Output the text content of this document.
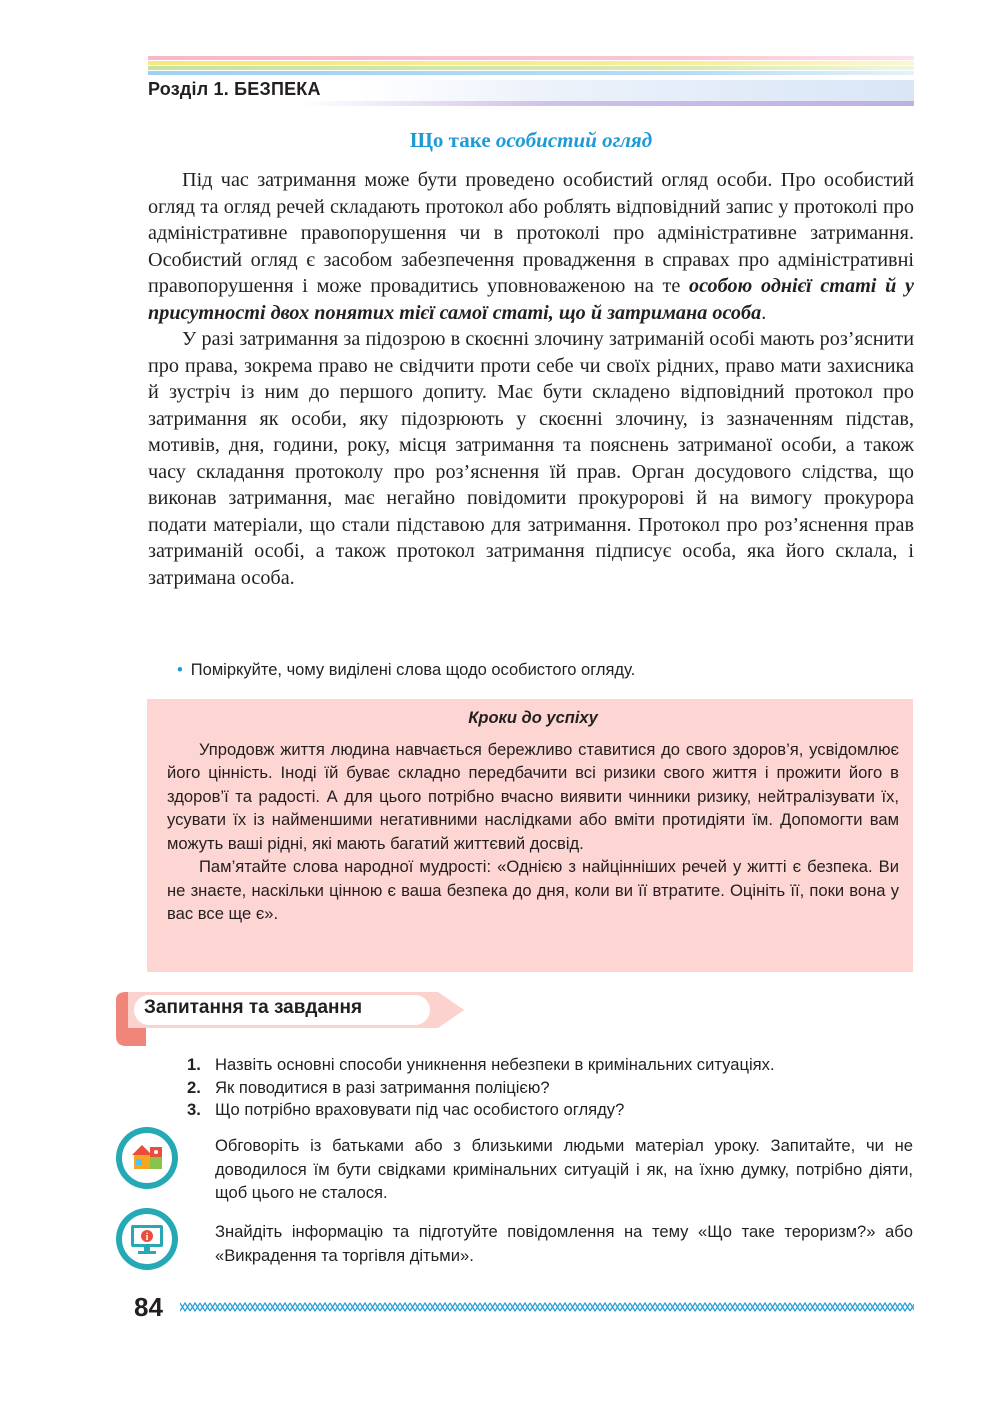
Розділ 1. БЕЗПЕКА
Що таке особистий огляд

Під час затримання може бути проведено особистий огляд особи. Про особистий огляд та огляд речей складають протокол або роблять відповідний запис у протоколі про адміністративне правопорушення чи в протоколі про адміністративне затримання. Особистий огляд є засобом забезпечення провадження в справах про адміністративні правопорушення і може провадитись уповноваженою на те особою однієї статі й у присутності двох понятих тієї самої статі, що й затримана особа.

У разі затримання за підозрою в скоєнні злочину затриманій особі мають роз’яснити про права, зокрема право не свідчити проти себе чи своїх рідних, право мати захисника й зустріч із ним до першого допиту. Має бути складено відповідний протокол про затримання як особи, яку підозрюють у скоєнні злочину, із зазначенням підстав, мотивів, дня, години, року, місця затримання та пояснень затриманої особи, а також часу складання протоколу про роз’яснення їй прав. Орган досудового слідства, що виконав затримання, має негайно повідомити прокуророві й на вимогу прокурора подати матеріали, що стали підставою для затримання. Протокол про роз’яснення прав затриманій особі, а також протокол затримання підписує особа, яка його склала, і затримана особа.

• Поміркуйте, чому виділені слова щодо особистого огляду.
Кроки до успіху

Упродовж життя людина навчається бережливо ставитися до свого здоров’я, усвідомлює його цінність. Іноді їй буває складно передбачити всі ризики свого життя і прожити його в здоров’ї та радості. А для цього потрібно вчасно виявити чинники ризику, нейтралізувати їх, усувати їх із найменшими негативними наслідками або вміти протидіяти їм. Допомогти вам можуть ваші рідні, які мають багатий життєвий досвід.

Пам’ятайте слова народної мудрості: «Однією з найцінніших речей у житті є безпека. Ви не знаєте, наскільки цінною є ваша безпека до дня, коли ви її втратите. Оцініть її, поки вона у вас все ще є».

Запитання та завдання
1. Назвіть основні способи уникнення небезпеки в кримінальних ситуаціях.
2. Як поводитися в разі затримання поліцією?
3. Що потрібно враховувати під час особистого огляду?
Обговоріть із батьками або з близькими людьми матеріал уроку. Запитайте, чи не доводилося їм бути свідками кримінальних ситуацій і як, на їхню думку, потрібно діяти, щоб цього не сталося.
i	Знайдіть інформацію та підготуйте повідомлення на тему «Що таке тероризм?» або «Викрадення та торгівля дітьми».
84
